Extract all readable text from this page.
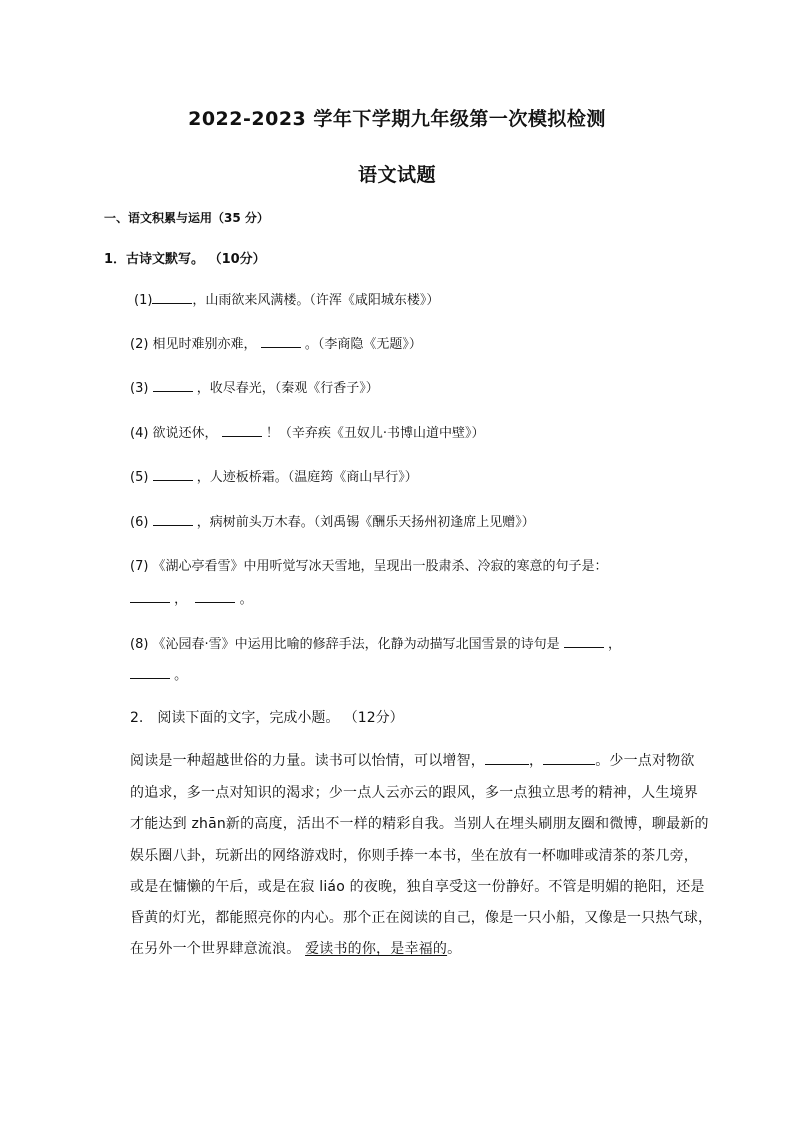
2022-2023 学年下学期九年级第一次模拟检测
语文试题
一、语文积累与运用（35 分）
1．古诗文默写。 （10分）
(1)	，山雨欲来风满楼。（许浑《咸阳城东楼》）
(2) 相见时难别亦难，	。（李商隐《无题》）
(3)	，收尽春光，（秦观《行香子》）
(4) 欲说还休，	！（辛弃疾《丑奴儿·书博山道中壁》）
(5)	，人迹板桥霜。（温庭筠《商山早行》）
(6)	，病树前头万木春。（刘禹锡《酬乐天扬州初逢席上见赠》）
(7) 《湖心亭看雪》中用听觉写冰天雪地，呈现出一股肃杀、冷寂的寒意的句子是：
，	。
(8) 《沁园春·雪》中运用比喻的修辞手法，化静为动描写北国雪景的诗句是	，
。
2.　阅读下面的文字，完成小题。 （12分）
阅读是一种超越世俗的力量。读书可以怡情，可以增智，	，	。少一点对物欲
的追求，多一点对知识的渴求；少一点人云亦云的跟风，多一点独立思考的精神，人生境界
才能达到 zhān新的高度，活出不一样的精彩自我。当别人在埋头刷朋友圈和微博，聊最新的
娱乐圈八卦，玩新出的网络游戏时，你则手捧一本书，坐在放有一杯咖啡或清茶的茶几旁，
或是在慵懒的午后，或是在寂 liáo 的夜晚，独自享受这一份静好。不管是明媚的艳阳，还是
昏黄的灯光，都能照亮你的内心。那个正在阅读的自己，像是一只小船，又像是一只热气球，
在另外一个世界肆意流浪。 爱读书的你，是幸福的。
